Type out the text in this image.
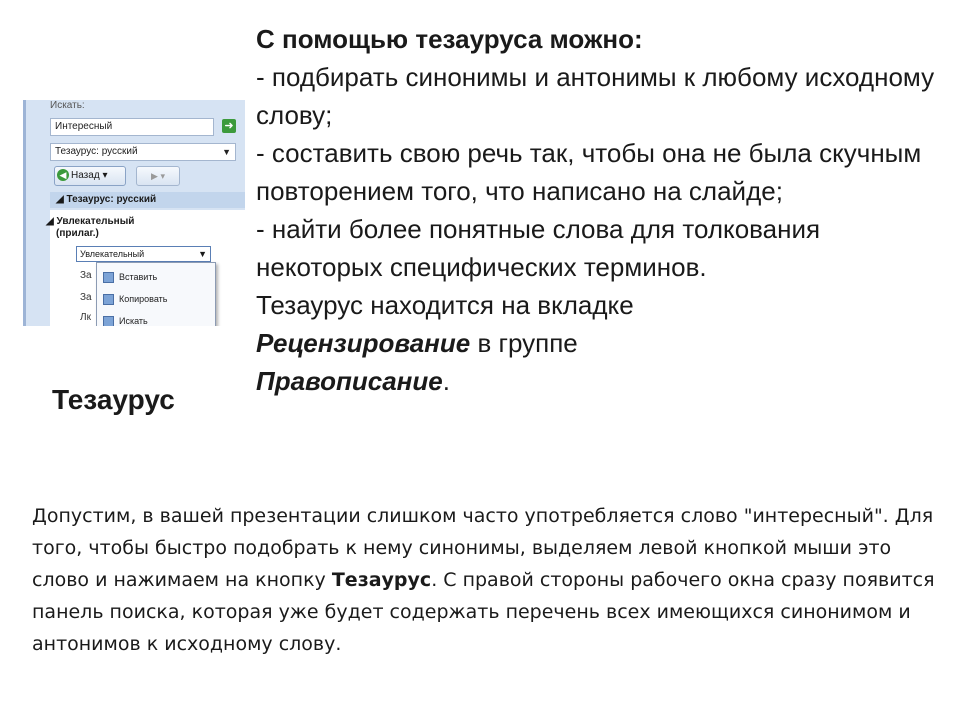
Искать:
Интересный	➜
Тезаурус: русский	▼
◀ Назад ▾	▶ ▾
◢ Тезаурус: русский
◢ Увлекательный
(прилаг.)
Увлекательный	▼
За
За
Лк
Вставить
Копировать
Искать
Тезаурус

С помощью тезауруса можно:

- подбирать синонимы и антонимы к любому исходному слову;

- составить свою речь так, чтобы она не была скучным повторением того, что написано на слайде;

- найти более понятные слова для толкования некоторых специфических терминов.

Тезаурус находится на вкладке Рецензирование в группе Правописание.

Допустим, в вашей презентации слишком часто употребляется слово "интересный". Для того, чтобы быстро подобрать к нему синонимы, выделяем левой кнопкой мыши это слово и нажимаем на кнопку Тезаурус. С правой стороны рабочего окна сразу появится панель поиска, которая уже будет содержать перечень всех имеющихся синонимом и антонимов к исходному слову.
